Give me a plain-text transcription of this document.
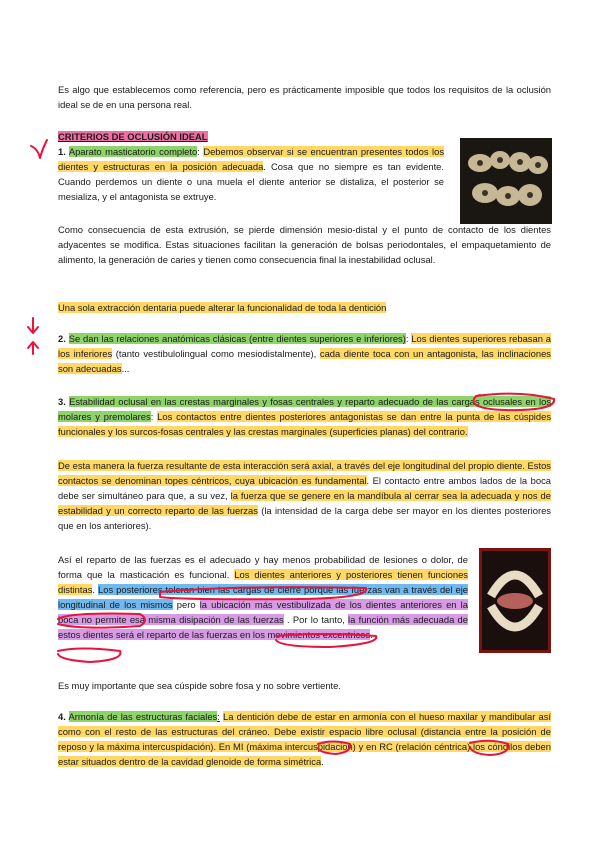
Es algo que establecemos como referencia, pero es prácticamente imposible que todos los requisitos de la oclusión ideal se de en una persona real.
CRITERIOS DE OCLUSIÓN IDEAL
1. Aparato masticatorio completo: Debemos observar si se encuentran presentes todos los dientes y estructuras en la posición adecuada. Cosa que no siempre es tan evidente. Cuando perdemos un diente o una muela el diente anterior se distaliza, el posterior se mesializa, y el antagonista se extruye.
Como consecuencia de esta extrusión, se pierde dimensión mesio-distal y el punto de contacto de los dientes adyacentes se modifica. Estas situaciones facilitan la generación de bolsas periodontales, el empaquetamiento de alimento, la generación de caries y tienen como consecuencia final la inestabilidad oclusal.
Una sola extracción dentaria puede alterar la funcionalidad de toda la dentición
2. Se dan las relaciones anatómicas clásicas (entre dientes superiores e inferiores): Los dientes superiores rebasan a los inferiores (tanto vestibulolingual como mesiodistalmente), cada diente toca con un antagonista, las inclinaciones son adecuadas...
3. Estabilidad oclusal en las crestas marginales y fosas centrales y reparto adecuado de las cargas oclusales en los molares y premolares: Los contactos entre dientes posteriores antagonistas se dan entre la punta de las cúspides funcionales y los surcos-fosas centrales y las crestas marginales (superficies planas) del contrario.
De esta manera la fuerza resultante de esta interacción será axial, a través del eje longitudinal del propio diente. Estos contactos se denominan topes céntricos, cuya ubicación es fundamental. El contacto entre ambos lados de la boca debe ser simultáneo para que, a su vez, la fuerza que se genere en la mandíbula al cerrar sea la adecuada y nos de estabilidad y un correcto reparto de las fuerzas (la intensidad de la carga debe ser mayor en los dientes posteriores que en los anteriores).
Así el reparto de las fuerzas es el adecuado y hay menos probabilidad de lesiones o dolor, de forma que la masticación es funcional. Los dientes anteriores y posteriores tienen funciones distintas. Los posteriores toleran bien las cargas de cierre porque las fuerzas van a través del eje longitudinal de los mismos pero la ubicación más vestibulizada de los dientes anteriores en la boca no permite esa misma disipación de las fuerzas . Por lo tanto, la función más adecuada de estos dientes será el reparto de las fuerzas en los movimientos excentricos.
Es muy importante que sea cúspide sobre fosa y no sobre vertiente.
4. Armonía de las estructuras faciales: La dentición debe de estar en armonía con el hueso maxilar y mandibular así como con el resto de las estructuras del cráneo. Debe existir espacio libre oclusal (distancia entre la posición de reposo y la máxima intercuspidación). En MI (máxima intercuspidacion) y en RC (relación céntrica) los cóndilos deben estar situados dentro de la cavidad glenoide de forma simétrica.
